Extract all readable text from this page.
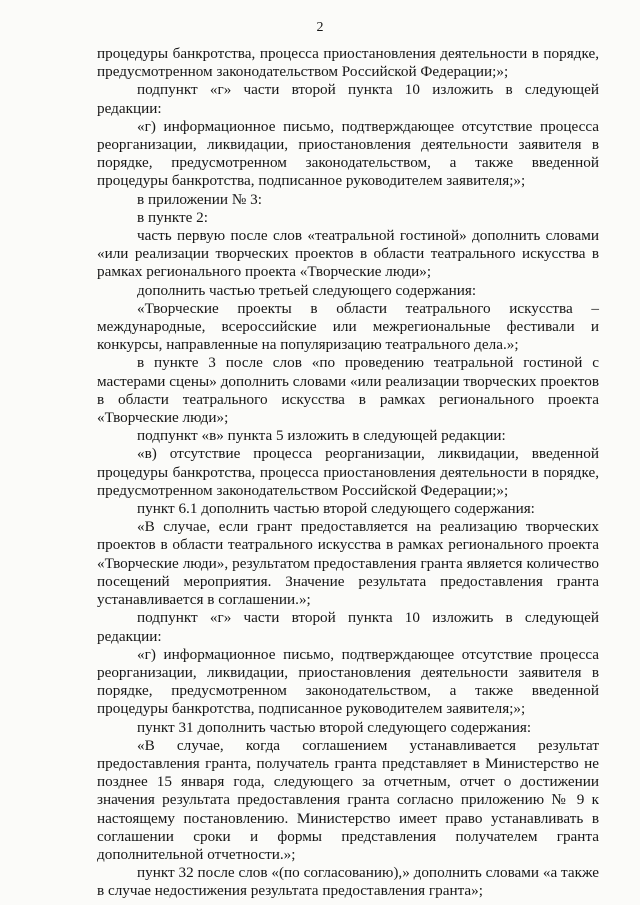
2

процедуры банкротства, процесса приостановления деятельности в порядке, предусмотренном законодательством Российской Федерации;»;

подпункт «г» части второй пункта 10 изложить в следующей редакции:

«г) информационное письмо, подтверждающее отсутствие процесса реорганизации, ликвидации, приостановления деятельности заявителя в порядке, предусмотренном законодательством, а также введенной процедуры банкротства, подписанное руководителем заявителя;»;

в приложении № 3:

в пункте 2:

часть первую после слов «театральной гостиной» дополнить словами «или реализации творческих проектов в области театрального искусства в рамках регионального проекта «Творческие люди»;

дополнить частью третьей следующего содержания:

«Творческие проекты в области театрального искусства – международные, всероссийские или межрегиональные фестивали и конкурсы, направленные на популяризацию театрального дела.»;

в пункте 3 после слов «по проведению театральной гостиной с мастерами сцены» дополнить словами «или реализации творческих проектов в области театрального искусства в рамках регионального проекта «Творческие люди»;

подпункт «в» пункта 5 изложить в следующей редакции:

«в) отсутствие процесса реорганизации, ликвидации, введенной процедуры банкротства, процесса приостановления деятельности в порядке, предусмотренном законодательством Российской Федерации;»;

пункт 6.1 дополнить частью второй следующего содержания:

«В случае, если грант предоставляется на реализацию творческих проектов в области театрального искусства в рамках регионального проекта «Творческие люди», результатом предоставления гранта является количество посещений мероприятия. Значение результата предоставления гранта устанавливается в соглашении.»;

подпункт «г» части второй пункта 10 изложить в следующей редакции:

«г) информационное письмо, подтверждающее отсутствие процесса реорганизации, ликвидации, приостановления деятельности заявителя в порядке, предусмотренном законодательством, а также введенной процедуры банкротства, подписанное руководителем заявителя;»;

пункт 31 дополнить частью второй следующего содержания:

«В случае, когда соглашением устанавливается результат предоставления гранта, получатель гранта представляет в Министерство не позднее 15 января года, следующего за отчетным, отчет о достижении значения результата предоставления гранта согласно приложению № 9 к настоящему постановлению. Министерство имеет право устанавливать в соглашении сроки и формы представления получателем гранта дополнительной отчетности.»;

пункт 32 после слов «(по согласованию),» дополнить словами «а также в случае недостижения результата предоставления гранта»;
